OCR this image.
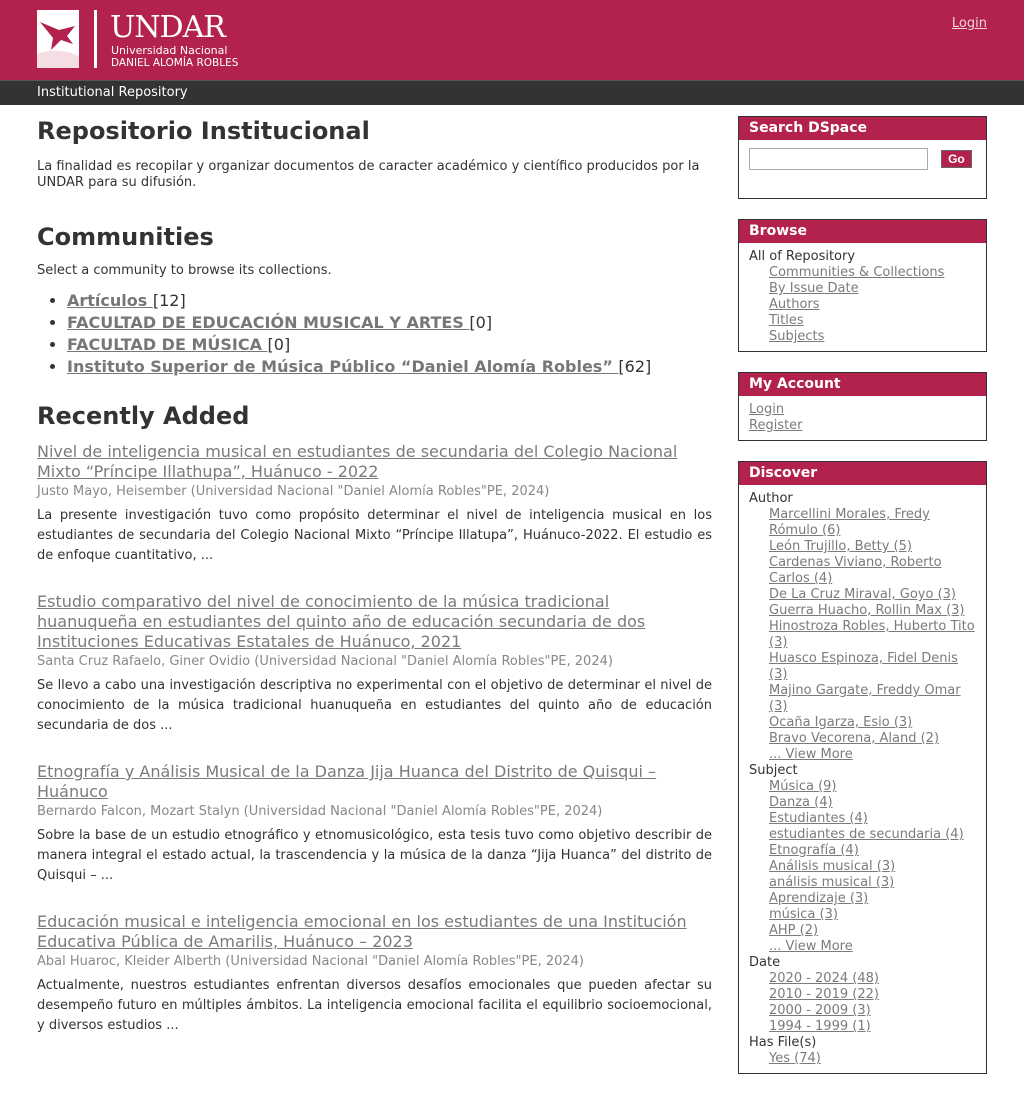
UNDAR
Universidad Nacional
DANIEL ALOMÍA ROBLES
Login
Institutional Repository
Repositorio Institucional

La finalidad es recopilar y organizar documentos de caracter académico y científico producidos por la UNDAR para su difusión.

Communities

Select a community to browse its collections.

• Artículos [12]
• FACULTAD DE EDUCACIÓN MUSICAL Y ARTES [0]
• FACULTAD DE MÚSICA [0]
• Instituto Superior de Música Público “Daniel Alomía Robles” [62]
Recently Added
Nivel de inteligencia musical en estudiantes de secundaria del Colegio Nacional Mixto “Príncipe Illathupa”, Huánuco - 2022
Justo Mayo, Heisember (Universidad Nacional "Daniel Alomía Robles"PE, 2024)

La presente investigación tuvo como propósito determinar el nivel de inteligencia musical en los estudiantes de secundaria del Colegio Nacional Mixto “Príncipe Illatupa”, Huánuco-2022. El estudio es de enfoque cuantitativo, ...

Estudio comparativo del nivel de conocimiento de la música tradicional huanuqueña en estudiantes del quinto año de educación secundaria de dos Instituciones Educativas Estatales de Huánuco, 2021
Santa Cruz Rafaelo, Giner Ovidio (Universidad Nacional "Daniel Alomía Robles"PE, 2024)

Se llevo a cabo una investigación descriptiva no experimental con el objetivo de determinar el nivel de conocimiento de la música tradicional huanuqueña en estudiantes del quinto año de educación secundaria de dos ...

Etnografía y Análisis Musical de la Danza Jija Huanca del Distrito de Quisqui – Huánuco
Bernardo Falcon, Mozart Stalyn (Universidad Nacional "Daniel Alomía Robles"PE, 2024)

Sobre la base de un estudio etnográfico y etnomusicológico, esta tesis tuvo como objetivo describir de manera integral el estado actual, la trascendencia y la música de la danza “Jija Huanca” del distrito de Quisqui – ...

Educación musical e inteligencia emocional en los estudiantes de una Institución Educativa Pública de Amarilis, Huánuco – 2023
Abal Huaroc, Kleider Alberth (Universidad Nacional "Daniel Alomía Robles"PE, 2024)

Actualmente, nuestros estudiantes enfrentan diversos desafíos emocionales que pueden afectar su desempeño futuro en múltiples ámbitos. La inteligencia emocional facilita el equilibrio socioemocional, y diversos estudios ...

Search DSpace
Go
Browse
All of Repository
Communities & Collections
By Issue Date
Authors
Titles
Subjects
My Account
Login
Register
Discover
Author
Marcellini Morales, Fredy Rómulo (6)
León Trujillo, Betty (5)
Cardenas Viviano, Roberto Carlos (4)
De La Cruz Miraval, Goyo (3)
Guerra Huacho, Rollin Max (3)
Hinostroza Robles, Huberto Tito (3)
Huasco Espinoza, Fidel Denis (3)
Majino Gargate, Freddy Omar (3)
Ocaña Igarza, Esio (3)
Bravo Vecorena, Aland (2)
... View More
Subject
Música (9)
Danza (4)
Estudiantes (4)
estudiantes de secundaria (4)
Etnografía (4)
Análisis musical (3)
análisis musical (3)
Aprendizaje (3)
música (3)
AHP (2)
... View More
Date
2020 - 2024 (48)
2010 - 2019 (22)
2000 - 2009 (3)
1994 - 1999 (1)
Has File(s)
Yes (74)
